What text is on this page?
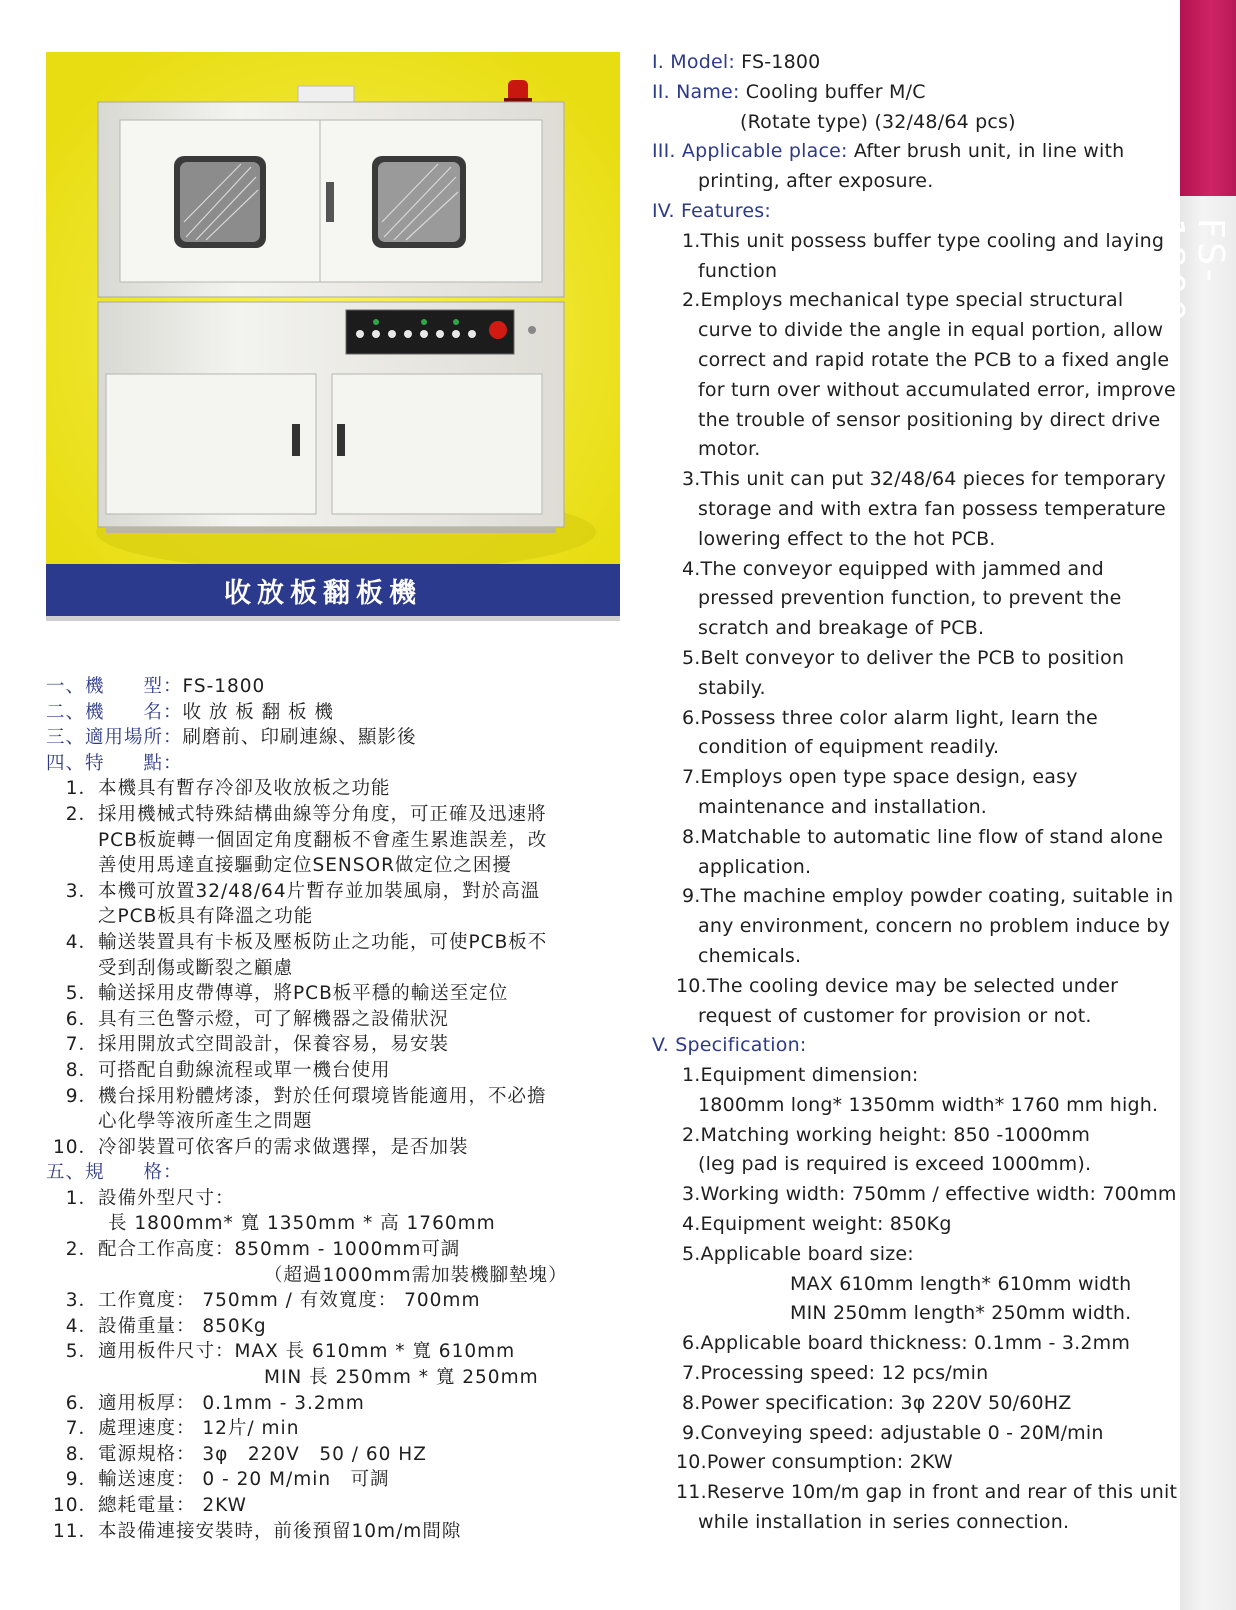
FS-1800
收放板翻板機
一、機　　型：FS-1800
二、機　　名：收 放 板 翻 板 機
三、適用場所：刷磨前、印刷連線、顯影後
四、特　　點：
1．本機具有暫存冷卻及收放板之功能
2．採用機械式特殊結構曲線等分角度，可正確及迅速將
PCB板旋轉一個固定角度翻板不會產生累進誤差，改
善使用馬達直接驅動定位SENSOR做定位之困擾
3．本機可放置32/48/64片暫存並加裝風扇，對於高溫
之PCB板具有降溫之功能
4．輸送裝置具有卡板及壓板防止之功能，可使PCB板不
受到刮傷或斷裂之顧慮
5．輸送採用皮帶傳導，將PCB板平穩的輸送至定位
6．具有三色警示燈，可了解機器之設備狀況
7．採用開放式空間設計，保養容易，易安裝
8．可搭配自動線流程或單一機台使用
9．機台採用粉體烤漆，對於任何環境皆能適用，不必擔
心化學等液所產生之問題
10．冷卻裝置可依客戶的需求做選擇，是否加裝
五、規　　格：
1．設備外型尺寸：
長 1800mm* 寬 1350mm * 高 1760mm
2．配合工作高度：850mm - 1000mm可調
（超過1000mm需加裝機腳墊塊）
3．工作寬度： 750mm / 有效寬度： 700mm
4．設備重量： 850Kg
5．適用板件尺寸：MAX 長 610mm * 寬 610mm
MIN 長 250mm * 寬 250mm
6．適用板厚： 0.1mm - 3.2mm
7．處理速度： 12片/ min
8．電源規格： 3φ　220V　50 / 60 HZ
9．輸送速度： 0 - 20 M/min　可調
10．總耗電量： 2KW
11．本設備連接安裝時，前後預留10m/m間隙
I. Model: FS-1800
II. Name: Cooling buffer M/C
(Rotate type) (32/48/64 pcs)
III. Applicable place: After brush unit, in line with
printing, after exposure.
IV. Features:
1.This unit possess buffer type cooling and laying
function
2.Employs mechanical type special structural
curve to divide the angle in equal portion, allow
correct and rapid rotate the PCB to a fixed angle
for turn over without accumulated error, improve
the trouble of sensor positioning by direct drive
motor.
3.This unit can put 32/48/64 pieces for temporary
storage and with extra fan possess temperature
lowering effect to the hot PCB.
4.The conveyor equipped with jammed and
pressed prevention function, to prevent the
scratch and breakage of PCB.
5.Belt conveyor to deliver the PCB to position
stabily.
6.Possess three color alarm light, learn the
condition of equipment readily.
7.Employs open type space design, easy
maintenance and installation.
8.Matchable to automatic line flow of stand alone
application.
9.The machine employ powder coating, suitable in
any environment, concern no problem induce by
chemicals.
10.The cooling device may be selected under
request of customer for provision or not.
V. Specification:
1.Equipment dimension:
1800mm long* 1350mm width* 1760 mm high.
2.Matching working height: 850 -1000mm
(leg pad is required is exceed 1000mm).
3.Working width: 750mm / effective width: 700mm
4.Equipment weight: 850Kg
5.Applicable board size:
MAX 610mm length* 610mm width
MIN 250mm length* 250mm width.
6.Applicable board thickness: 0.1mm - 3.2mm
7.Processing speed: 12 pcs/min
8.Power specification: 3φ 220V 50/60HZ
9.Conveying speed: adjustable 0 - 20M/min
10.Power consumption: 2KW
11.Reserve 10m/m gap in front and rear of this unit
while installation in series connection.
